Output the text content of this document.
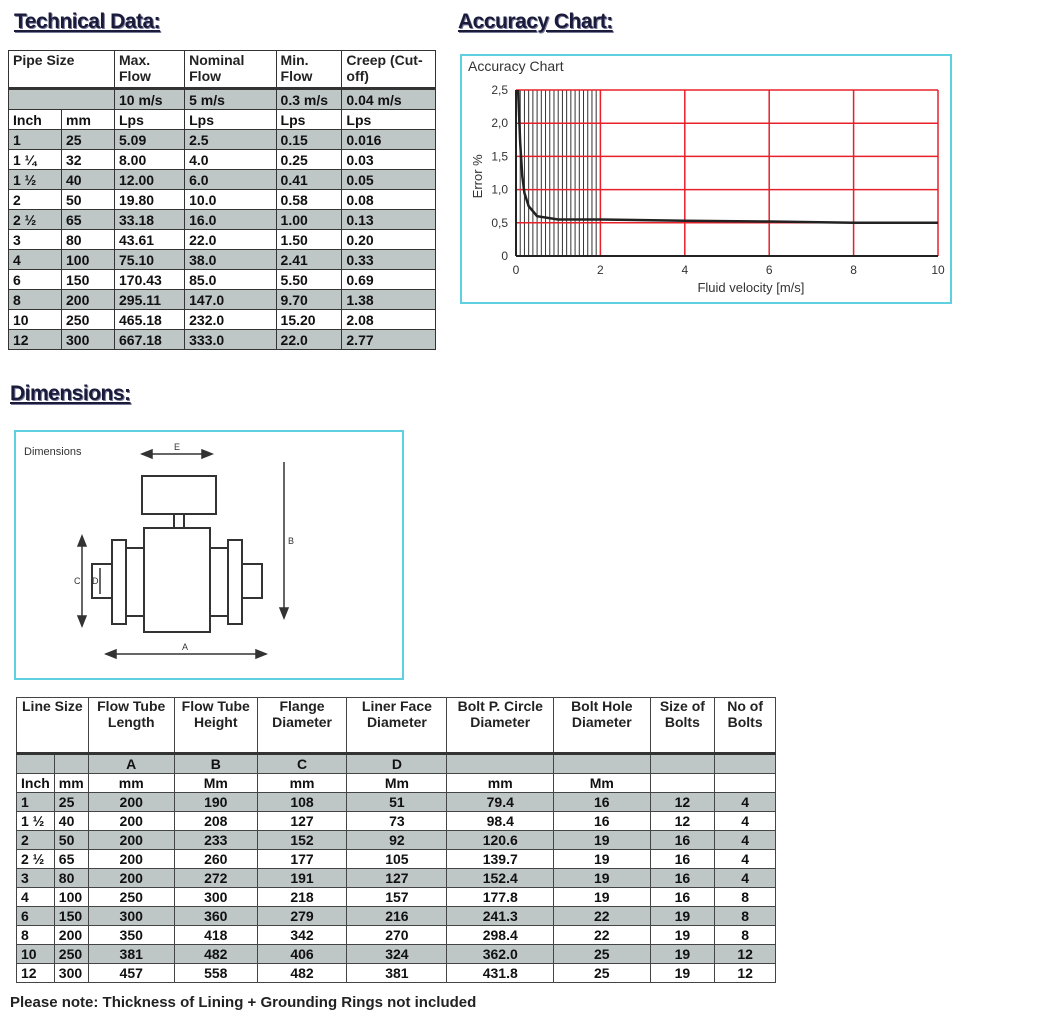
Technical Data:	Accuracy Chart:
Dimensions:
Pipe Size		Max. Flow	Nominal Flow	Min. Flow	Creep (Cut-off)
		10 m/s	5 m/s	0.3 m/s	0.04 m/s
Inch	mm	Lps	Lps	Lps	Lps
1	25	5.09	2.5	0.15	0.016
1 ¼	32	8.00	4.0	0.25	0.03
1 ½	40	12.00	6.0	0.41	0.05
2	50	19.80	10.0	0.58	0.08
2 ½	65	33.18	16.0	1.00	0.13
3	80	43.61	22.0	1.50	0.20
4	100	75.10	38.0	2.41	0.33
6	150	170.43	85.0	5.50	0.69
8	200	295.11	147.0	9.70	1.38
10	250	465.18	232.0	15.20	2.08
12	300	667.18	333.0	22.0	2.77
Accuracy Chart
2,5
2,0
1,5
1,0
0,5
0
0	2	4	6	8	10
Fluid velocity [m/s]
Error %
Dimensions
A
B
C D
E
Line Size		Flow Tube Length	Flow Tube Height	Flange Diameter	Liner Face Diameter	Bolt P. Circle Diameter	Bolt Hole Diameter	Size of Bolts	No of Bolts
		A	B	C	D				
Inch	mm	mm	Mm	mm	Mm	mm	Mm		
1	25	200	190	108	51	79.4	16	12	4
1 ½	40	200	208	127	73	98.4	16	12	4
2	50	200	233	152	92	120.6	19	16	4
2 ½	65	200	260	177	105	139.7	19	16	4
3	80	200	272	191	127	152.4	19	16	4
4	100	250	300	218	157	177.8	19	16	8
6	150	300	360	279	216	241.3	22	19	8
8	200	350	418	342	270	298.4	22	19	8
10	250	381	482	406	324	362.0	25	19	12
12	300	457	558	482	381	431.8	25	19	12
Please note: Thickness of Lining + Grounding Rings not included
